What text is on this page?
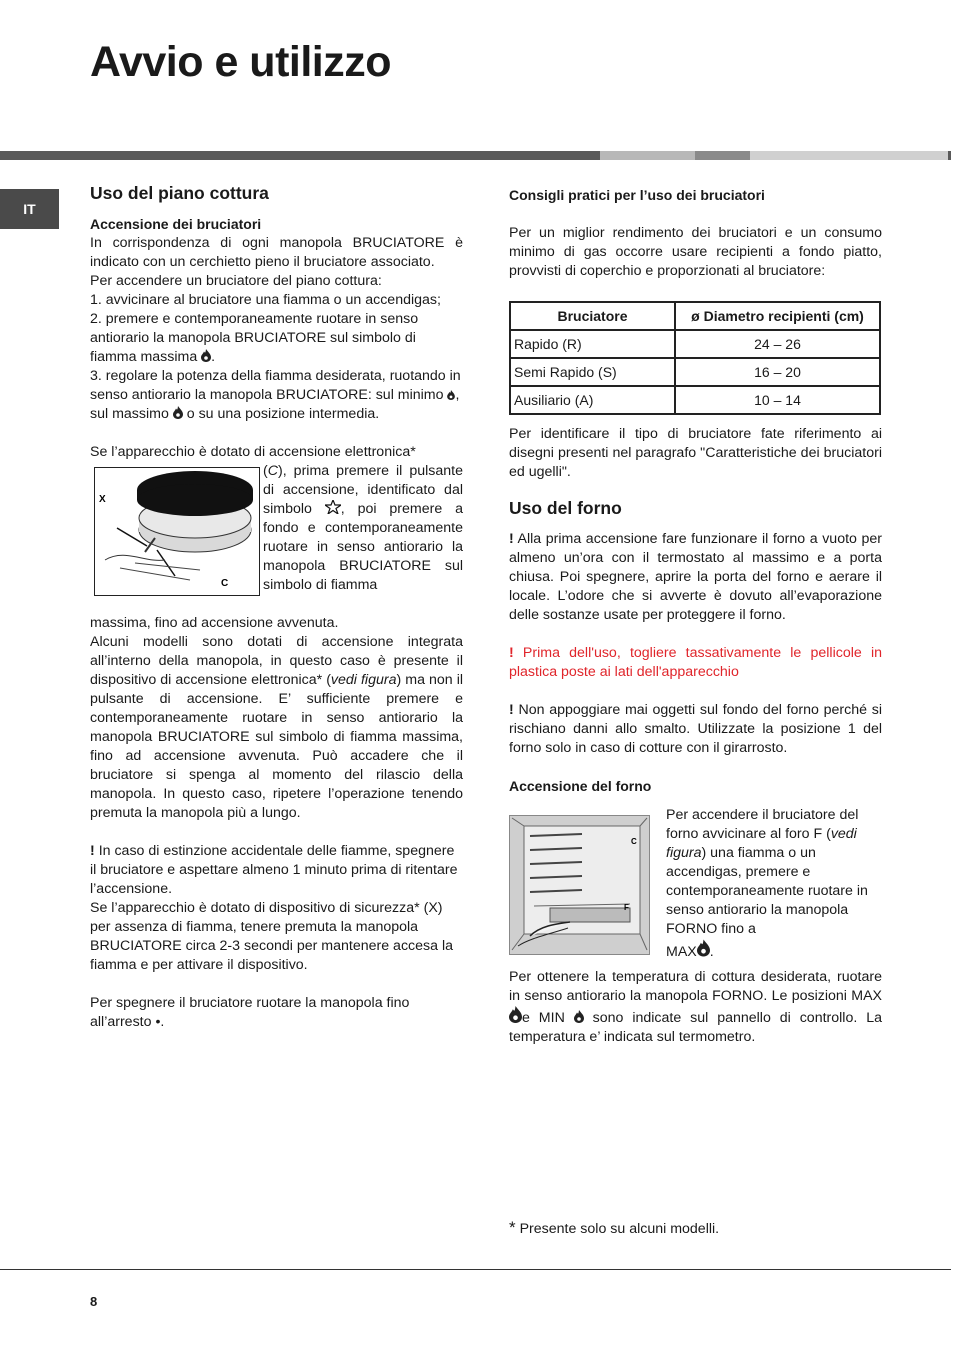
Avvio e utilizzo
IT

Uso del piano cottura

Accensione dei bruciatori

In corrispondenza di ogni manopola BRUCIATORE è indicato con un cerchietto pieno il bruciatore associato.

Per accendere un bruciatore del piano cottura:

1. avvicinare al bruciatore una fiamma o un accendigas;

2. premere e contemporaneamente ruotare in senso antiorario la manopola BRUCIATORE sul simbolo di fiamma massima .

3. regolare la potenza della fiamma desiderata, ruotando in senso antiorario la manopola BRUCIATORE: sul minimo , sul massimo o su una posizione intermedia.

Se l’apparecchio è dotato di accensione elettronica*

X
C
(C), prima premere il pulsante di accensione, identificato dal simbolo , poi premere a fondo e contemporaneamente ruotare in senso antiorario la manopola BRUCIATORE sul simbolo di fiamma

massima, fino ad accensione avvenuta.

Alcuni modelli sono dotati di accensione integrata all’interno della manopola, in questo caso è presente il dispositivo di accensione elettronica* (vedi figura) ma non il pulsante di accensione. E’ sufficiente premere e contemporaneamente ruotare in senso antiorario la manopola BRUCIATORE sul simbolo di fiamma massima, fino ad accensione avvenuta. Può accadere che il bruciatore si spenga al momento del rilascio della manopola. In questo caso, ripetere l’operazione tenendo premuta la manopola più a lungo.

! In caso di estinzione accidentale delle fiamme, spegnere il bruciatore e aspettare almeno 1 minuto prima di ritentare l’accensione.

Se l’apparecchio è dotato di dispositivo di sicurezza* (X) per assenza di fiamma, tenere premuta la manopola BRUCIATORE circa 2-3 secondi per mantenere accesa la fiamma e per attivare il dispositivo.

Per spegnere il bruciatore ruotare la manopola fino all’arresto •.

Consigli pratici per l’uso dei bruciatori

Per un miglior rendimento dei bruciatori e un consumo minimo di gas occorre usare recipienti a fondo piatto, provvisti di coperchio e proporzionati al bruciatore:

Bruciatore	ø Diametro recipienti (cm)
Rapido (R)	24 – 26
Semi Rapido (S)	16 – 20
Ausiliario (A)	10 – 14

Per identificare il tipo di bruciatore fate riferimento ai disegni presenti nel paragrafo "Caratteristiche dei bruciatori ed ugelli".

Uso del forno

! Alla prima accensione fare funzionare il forno a vuoto per almeno un’ora con il termostato al massimo e a porta chiusa. Poi spegnere, aprire la porta del forno e aerare il locale. L’odore che si avverte è dovuto all’evaporazione delle sostanze usate per proteggere il forno.

! Prima dell'uso, togliere tassativamente le pellicole in plastica poste ai lati dell'apparecchio

! Non appoggiare mai oggetti sul fondo del forno perché si rischiano danni allo smalto. Utilizzate la posizione 1 del forno solo in caso di cotture con il girarrosto.

Accensione del forno

C
F
Per accendere il bruciatore del forno avvicinare al foro F (vedi figura) una fiamma o un accendigas, premere e contemporaneamente ruotare in senso antiorario la manopola FORNO fino a
MAX .

Per ottenere la temperatura di cottura desiderata, ruotare in senso antiorario la manopola FORNO. Le posizioni MAX e MIN sono indicate sul pannello di controllo. La temperatura e’ indicata sul termometro.

* Presente solo su alcuni modelli.
8
